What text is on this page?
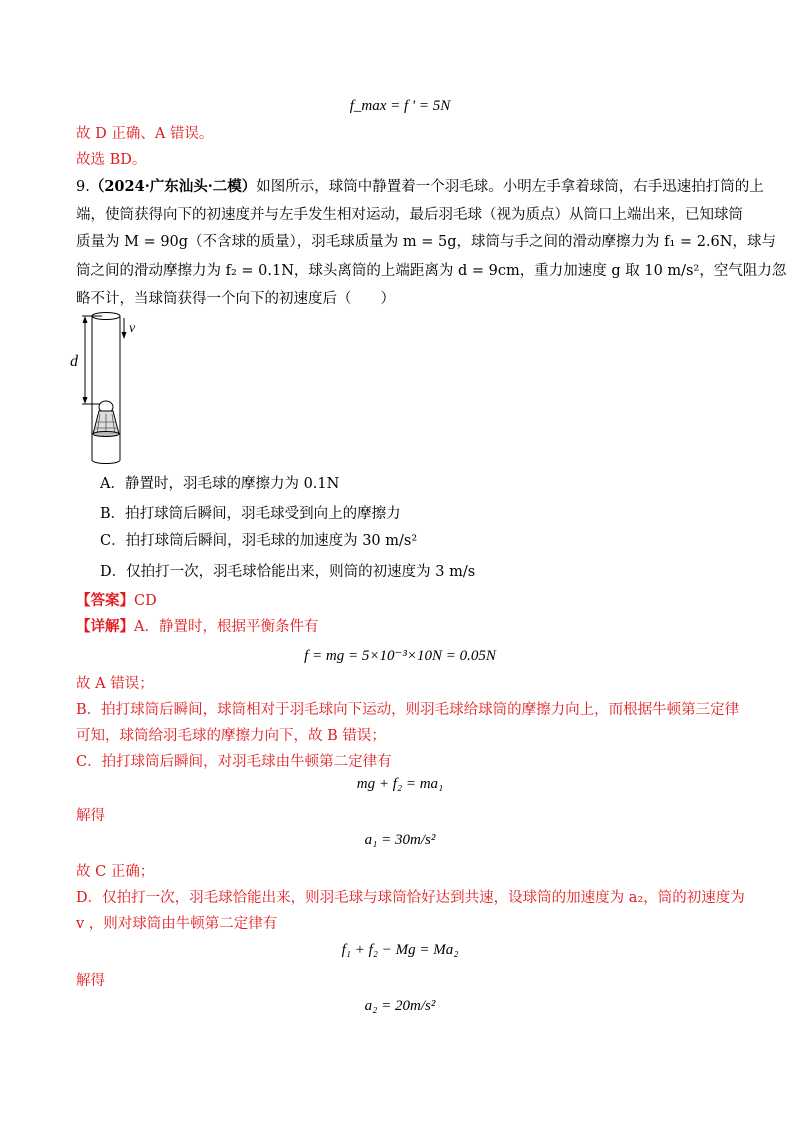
f_max = f ' = 5N
故 D 正确、A 错误。
故选 BD。
9.（2024·广东汕头·二模）如图所示，球筒中静置着一个羽毛球。小明左手拿着球筒，右手迅速拍打筒的上
端，使筒获得向下的初速度并与左手发生相对运动，最后羽毛球（视为质点）从筒口上端出来，已知球筒
质量为 M = 90g（不含球的质量），羽毛球质量为 m = 5g，球筒与手之间的滑动摩擦力为 f₁ = 2.6N，球与
筒之间的滑动摩擦力为 f₂ = 0.1N，球头离筒的上端距离为 d = 9cm，重力加速度 g 取 10 m/s²，空气阻力忽
略不计，当球筒获得一个向下的初速度后（　　）
d
v
A．静置时，羽毛球的摩擦力为 0.1N
B．拍打球筒后瞬间，羽毛球受到向上的摩擦力
C．拍打球筒后瞬间，羽毛球的加速度为 30 m/s²
D．仅拍打一次，羽毛球恰能出来，则筒的初速度为 3 m/s
【答案】CD
【详解】A．静置时，根据平衡条件有
f = mg = 5×10⁻³×10N = 0.05N
故 A 错误；
B．拍打球筒后瞬间，球筒相对于羽毛球向下运动，则羽毛球给球筒的摩擦力向上，而根据牛顿第三定律
可知，球筒给羽毛球的摩擦力向下，故 B 错误；
C．拍打球筒后瞬间，对羽毛球由牛顿第二定律有
mg + f₂ = ma₁
解得
a₁ = 30m/s²
故 C 正确；
D．仅拍打一次，羽毛球恰能出来，则羽毛球与球筒恰好达到共速，设球筒的加速度为 a₂，筒的初速度为
v ，则对球筒由牛顿第二定律有
f₁ + f₂ − Mg = Ma₂
解得
a₂ = 20m/s²
